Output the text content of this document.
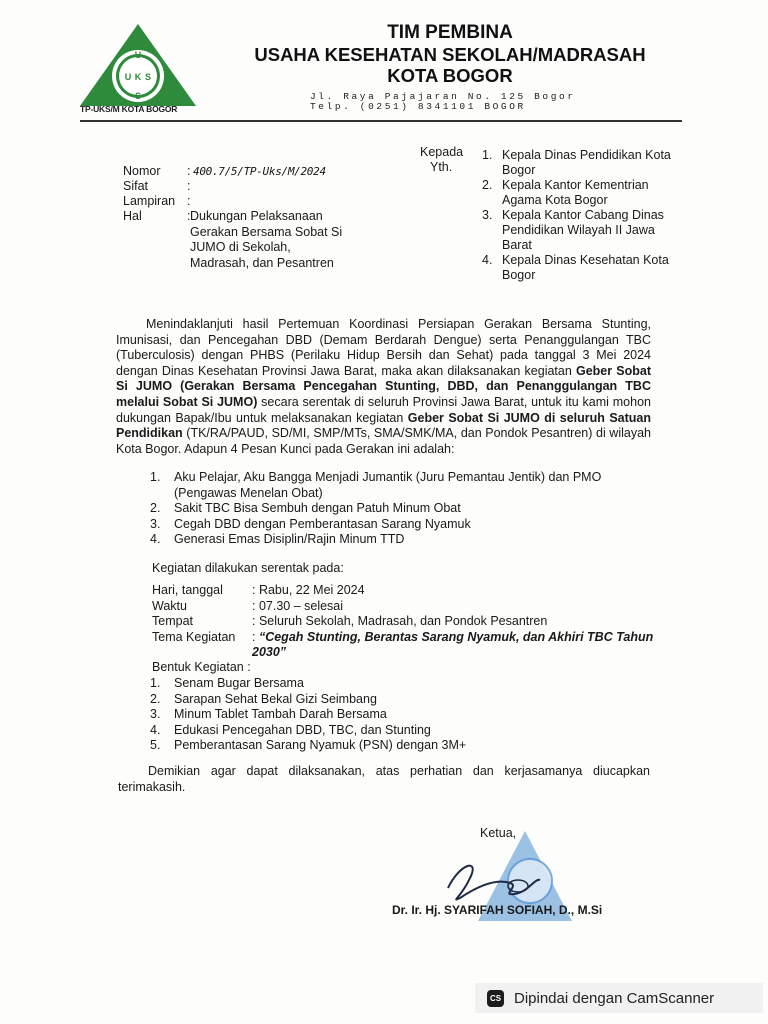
U
U K S
S
TP-UKS/M KOTA BOGOR
TIM PEMBINA
USAHA KESEHATAN SEKOLAH/MADRASAH
KOTA BOGOR
Jl. Raya Pajajaran No. 125 Bogor
Telp. (0251) 8341101 BOGOR
Nomor	: 400.7/5/TP-Uks/M/2024
Sifat	:
Lampiran :
Hal	: Dukungan Pelaksanaan Gerakan Bersama Sobat Si JUMO di Sekolah, Madrasah, dan Pesantren
Kepada
Yth.
1. Kepala Dinas Pendidikan Kota Bogor
2. Kepala Kantor Kementrian Agama Kota Bogor
3. Kepala Kantor Cabang Dinas Pendidikan Wilayah II Jawa Barat
4. Kepala Dinas Kesehatan Kota Bogor
Menindaklanjuti hasil Pertemuan Koordinasi Persiapan Gerakan Bersama Stunting, Imunisasi, dan Pencegahan DBD (Demam Berdarah Dengue) serta Penanggulangan TBC (Tuberculosis) dengan PHBS (Perilaku Hidup Bersih dan Sehat) pada tanggal 3 Mei 2024 dengan Dinas Kesehatan Provinsi Jawa Barat, maka akan dilaksanakan kegiatan Geber Sobat Si JUMO (Gerakan Bersama Pencegahan Stunting, DBD, dan Penanggulangan TBC melalui Sobat Si JUMO) secara serentak di seluruh Provinsi Jawa Barat, untuk itu kami mohon dukungan Bapak/Ibu untuk melaksanakan kegiatan Geber Sobat Si JUMO di seluruh Satuan Pendidikan (TK/RA/PAUD, SD/MI, SMP/MTs, SMA/SMK/MA, dan Pondok Pesantren) di wilayah Kota Bogor. Adapun 4 Pesan Kunci pada Gerakan ini adalah:
1. Aku Pelajar, Aku Bangga Menjadi Jumantik (Juru Pemantau Jentik) dan PMO (Pengawas Menelan Obat)
2. Sakit TBC Bisa Sembuh dengan Patuh Minum Obat
3. Cegah DBD dengan Pemberantasan Sarang Nyamuk
4. Generasi Emas Disiplin/Rajin Minum TTD
Kegiatan dilakukan serentak pada:
Hari, tanggal : Rabu, 22 Mei 2024
Waktu	: 07.30 – selesai
Tempat	: Seluruh Sekolah, Madrasah, dan Pondok Pesantren
Tema Kegiatan : “Cegah Stunting, Berantas Sarang Nyamuk, dan Akhiri TBC Tahun 2030”
Bentuk Kegiatan :
1. Senam Bugar Bersama
2. Sarapan Sehat Bekal Gizi Seimbang
3. Minum Tablet Tambah Darah Bersama
4. Edukasi Pencegahan DBD, TBC, dan Stunting
5. Pemberantasan Sarang Nyamuk (PSN) dengan 3M+
Demikian agar dapat dilaksanakan, atas perhatian dan kerjasamanya diucapkan terimakasih.
Ketua,
Dr. Ir. Hj. SYARIFAH SOFIAH, D., M.Si
CS Dipindai dengan CamScanner
